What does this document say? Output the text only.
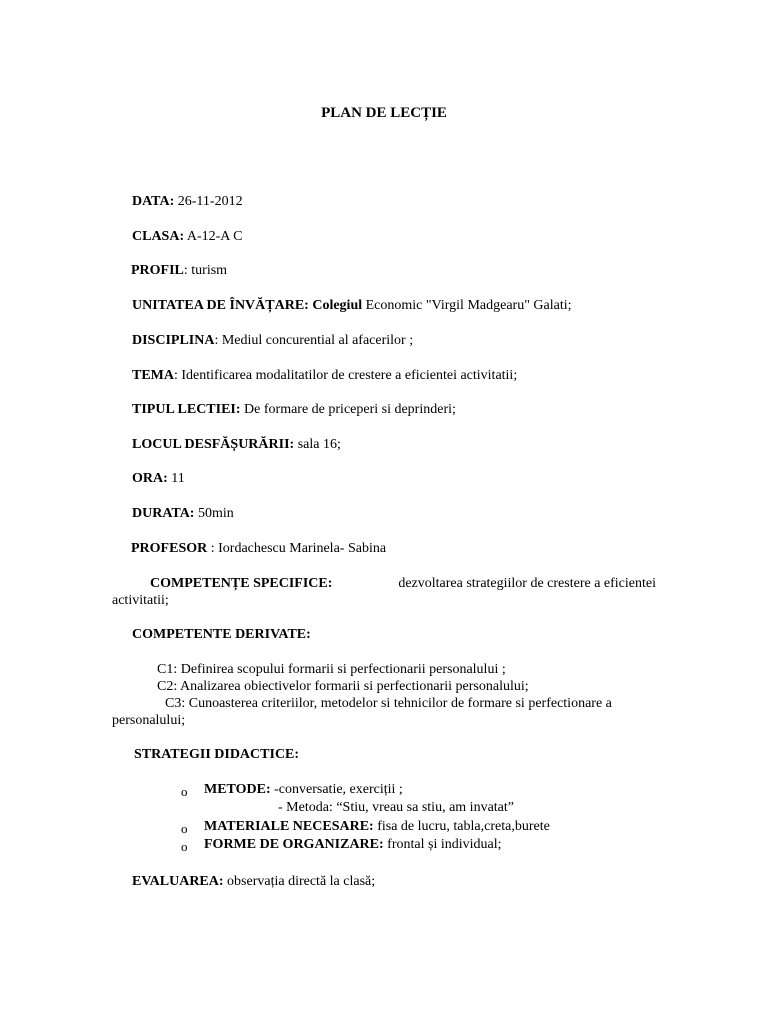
PLAN DE LECȚIE
DATA: 26-11-2012
CLASA: A-12-A C
PROFIL: turism
UNITATEA DE ÎNVĂȚARE: Colegiul Economic "Virgil Madgearu" Galati;
DISCIPLINA: Mediul concurential al afacerilor ;
TEMA: Identificarea modalitatilor de crestere a eficientei activitatii;
TIPUL LECTIEI: De formare de priceperi si deprinderi;
LOCUL DESFĂȘURĂRII: sala 16;
ORA: 11
DURATA: 50min
PROFESOR : Iordachescu Marinela- Sabina
COMPETENȚE SPECIFICE:	dezvoltarea strategiilor de crestere a eficientei
activitatii;
COMPETENTE DERIVATE:
C1: Definirea scopului formarii si perfectionarii personalului ;
C2: Analizarea obiectivelor formarii si perfectionarii personalului;
C3: Cunoasterea criteriilor, metodelor si tehnicilor de formare si perfectionare a
personalului;
STRATEGII DIDACTICE:
o METODE: -conversatie, exerciții ;
- Metoda: “Stiu, vreau sa stiu, am invatat”
o MATERIALE NECESARE: fisa de lucru, tabla,creta,burete
o FORME DE ORGANIZARE: frontal și individual;
EVALUAREA: observația directă la clasă;
